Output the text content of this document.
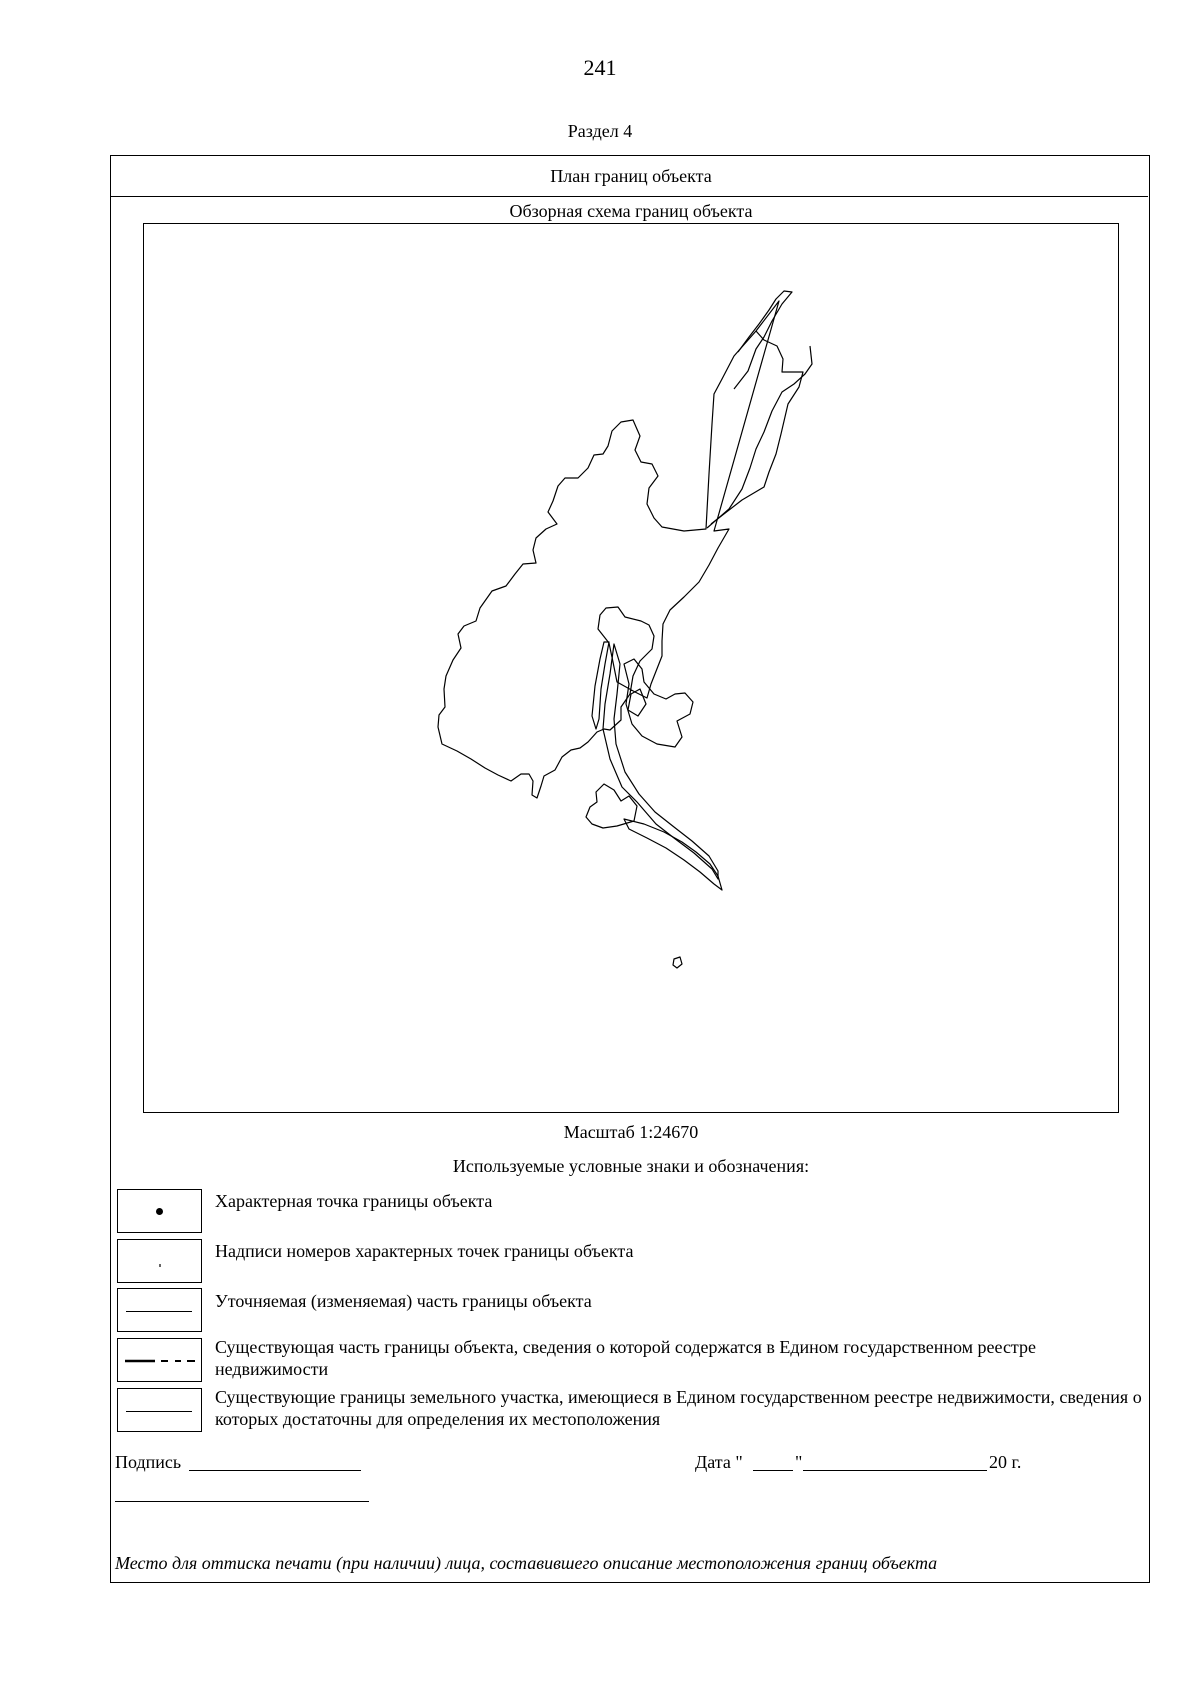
241
Раздел 4
План границ объекта
Обзорная схема границ объекта
Масштаб 1:24670
Используемые условные знаки и обозначения:
Характерная точка границы объекта
Надписи номеров характерных точек границы объекта
Уточняемая (изменяемая) часть границы объекта
Существующая часть границы объекта, сведения о которой содержатся в Едином государственном реестре недвижимости
Существующие границы земельного участка, имеющиеся в Едином государственном реестре недвижимости, сведения о которых достаточны для определения их местоположения
Подпись	Дата "	"	20 г.
Место для оттиска печати (при наличии) лица, составившего описание местоположения границ объекта
